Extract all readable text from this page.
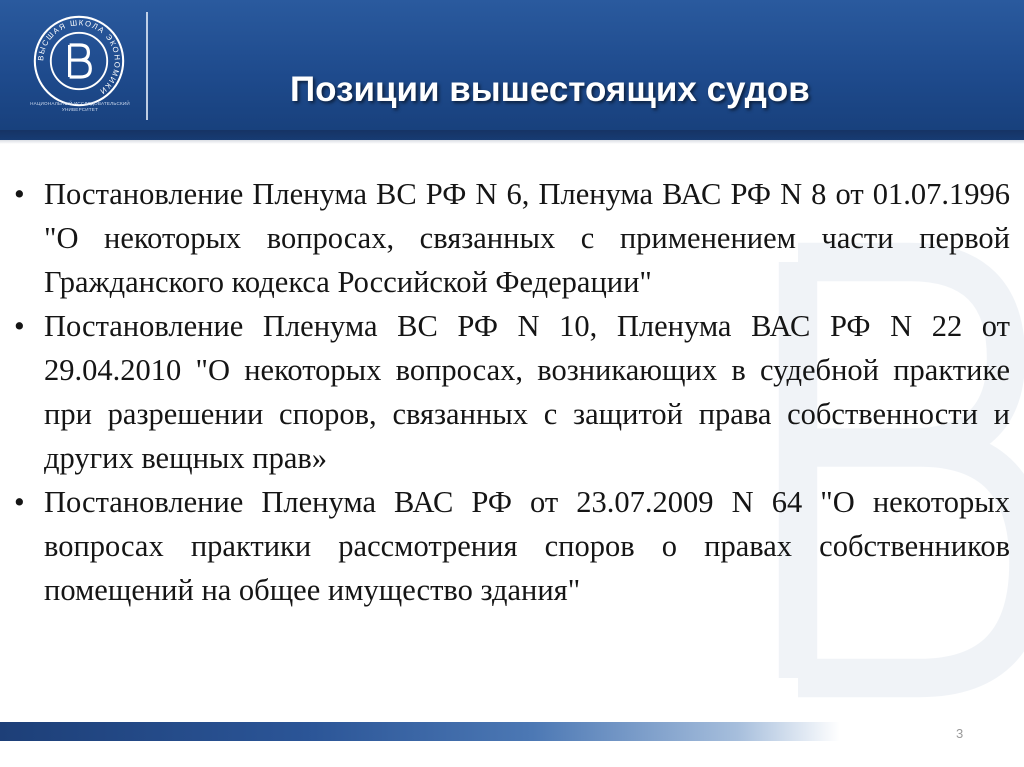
ВЫСШАЯ ШКОЛА ЭКОНОМИКИ
НАЦИОНАЛЬНЫЙ ИССЛЕДОВАТЕЛЬСКИЙ
УНИВЕРСИТЕТ
Позиции вышестоящих судов
• Постановление Пленума ВС РФ N 6, Пленума ВАС РФ N 8 от 01.07.1996 "О некоторых вопросах, связанных с применением части первой Гражданского кодекса Российской Федерации"
• Постановление Пленума ВС РФ N 10, Пленума ВАС РФ N 22 от 29.04.2010 "О некоторых вопросах, возникающих в судебной практике при разрешении споров, связанных с защитой права собственности и других вещных прав»
• Постановление Пленума ВАС РФ от 23.07.2009 N 64 "О некоторых вопросах практики рассмотрения споров о правах собственников помещений на общее имущество здания"
3
